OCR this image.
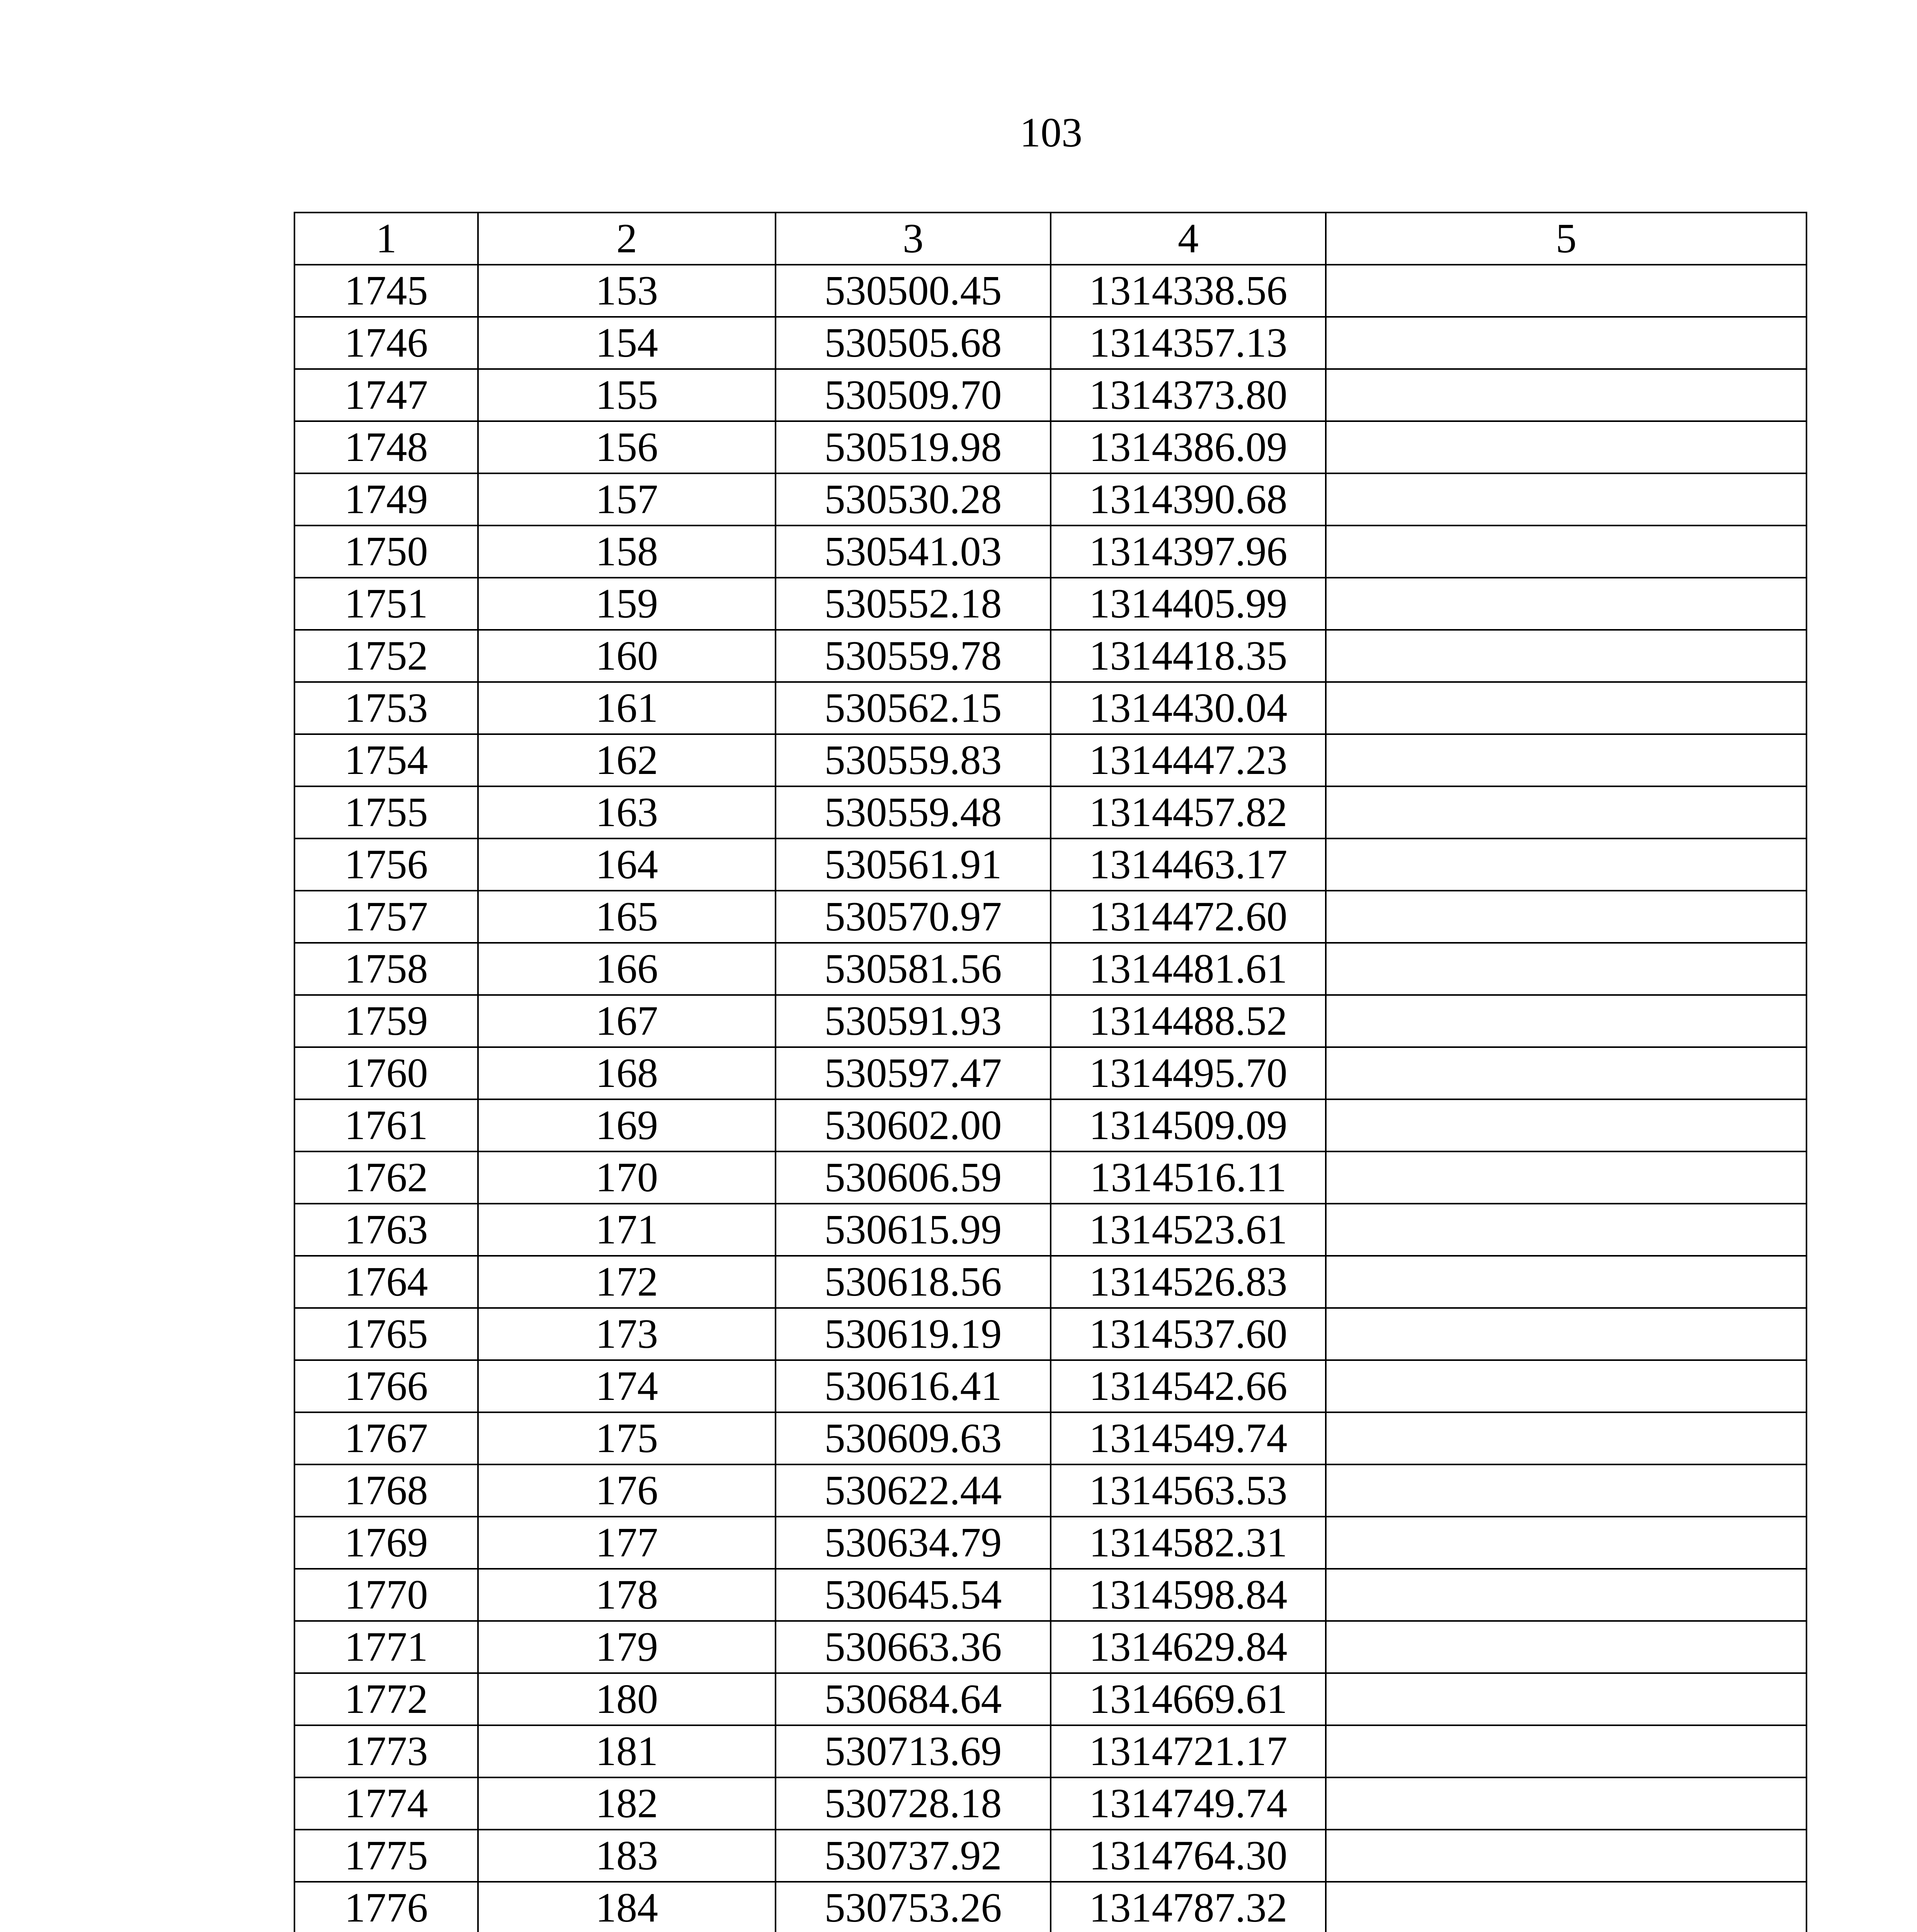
103
1	2	3	4	5
1745	153	530500.45	1314338.56	
1746	154	530505.68	1314357.13	
1747	155	530509.70	1314373.80	
1748	156	530519.98	1314386.09	
1749	157	530530.28	1314390.68	
1750	158	530541.03	1314397.96	
1751	159	530552.18	1314405.99	
1752	160	530559.78	1314418.35	
1753	161	530562.15	1314430.04	
1754	162	530559.83	1314447.23	
1755	163	530559.48	1314457.82	
1756	164	530561.91	1314463.17	
1757	165	530570.97	1314472.60	
1758	166	530581.56	1314481.61	
1759	167	530591.93	1314488.52	
1760	168	530597.47	1314495.70	
1761	169	530602.00	1314509.09	
1762	170	530606.59	1314516.11	
1763	171	530615.99	1314523.61	
1764	172	530618.56	1314526.83	
1765	173	530619.19	1314537.60	
1766	174	530616.41	1314542.66	
1767	175	530609.63	1314549.74	
1768	176	530622.44	1314563.53	
1769	177	530634.79	1314582.31	
1770	178	530645.54	1314598.84	
1771	179	530663.36	1314629.84	
1772	180	530684.64	1314669.61	
1773	181	530713.69	1314721.17	
1774	182	530728.18	1314749.74	
1775	183	530737.92	1314764.30	
1776	184	530753.26	1314787.32	
